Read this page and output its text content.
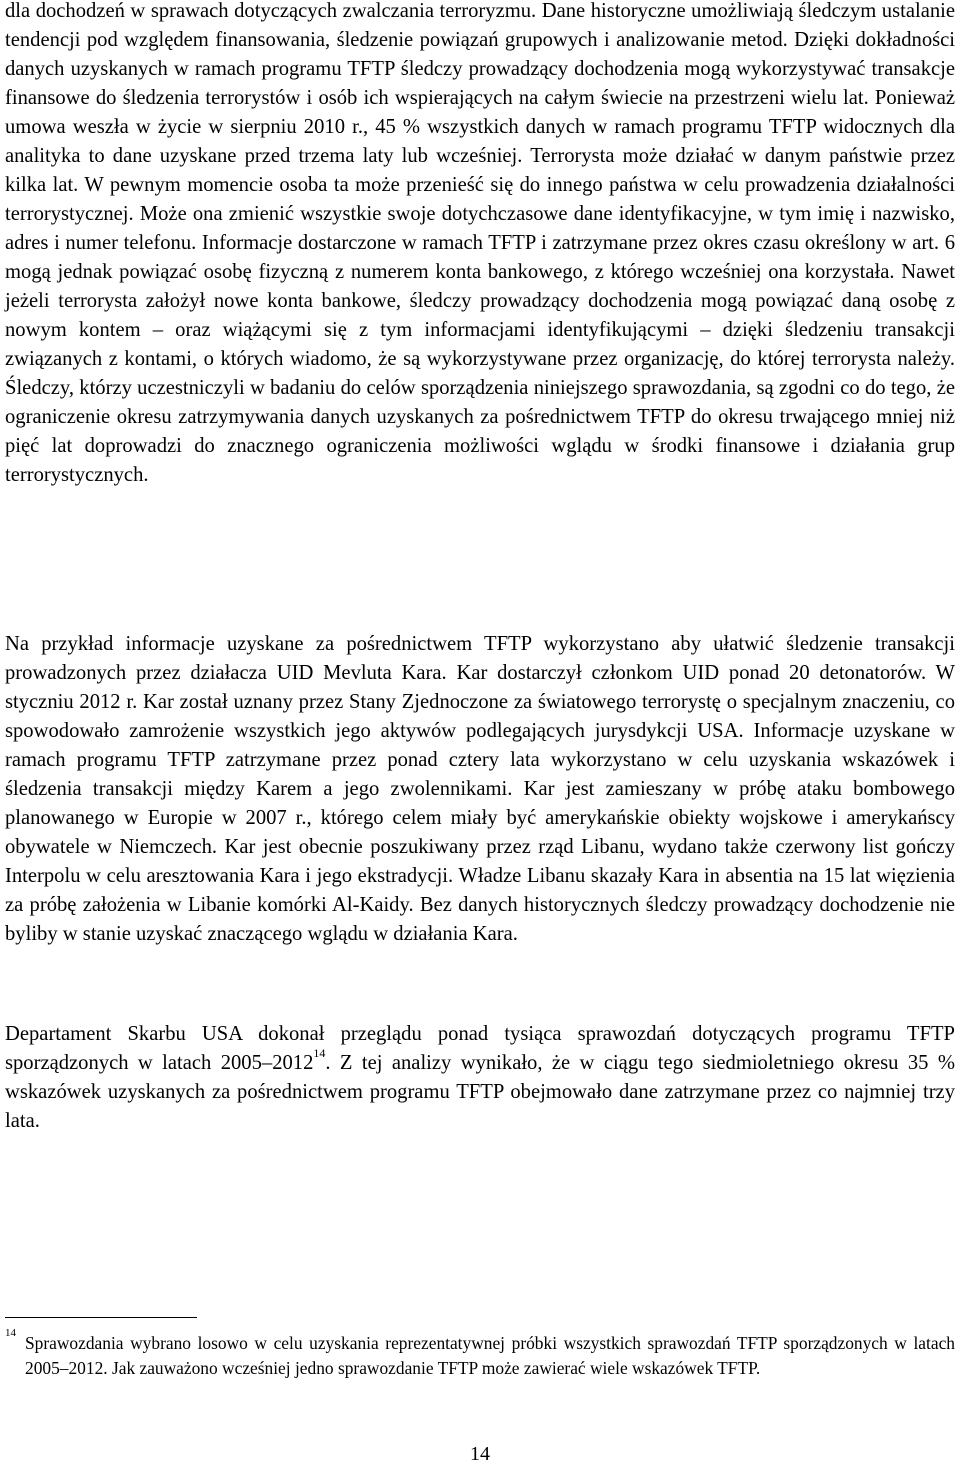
dla dochodzeń w sprawach dotyczących zwalczania terroryzmu. Dane historyczne umożliwiają śledczym ustalanie tendencji pod względem finansowania, śledzenie powiązań grupowych i analizowanie metod. Dzięki dokładności danych uzyskanych w ramach programu TFTP śledczy prowadzący dochodzenia mogą wykorzystywać transakcje finansowe do śledzenia terrorystów i osób ich wspierających na całym świecie na przestrzeni wielu lat. Ponieważ umowa weszła w życie w sierpniu 2010 r., 45 % wszystkich danych w ramach programu TFTP widocznych dla analityka to dane uzyskane przed trzema laty lub wcześniej. Terrorysta może działać w danym państwie przez kilka lat. W pewnym momencie osoba ta może przenieść się do innego państwa w celu prowadzenia działalności terrorystycznej. Może ona zmienić wszystkie swoje dotychczasowe dane identyfikacyjne, w tym imię i nazwisko, adres i numer telefonu. Informacje dostarczone w ramach TFTP i zatrzymane przez okres czasu określony w art. 6 mogą jednak powiązać osobę fizyczną z numerem konta bankowego, z którego wcześniej ona korzystała. Nawet jeżeli terrorysta założył nowe konta bankowe, śledczy prowadzący dochodzenia mogą powiązać daną osobę z nowym kontem – oraz wiążącymi się z tym informacjami identyfikującymi – dzięki śledzeniu transakcji związanych z kontami, o których wiadomo, że są wykorzystywane przez organizację, do której terrorysta należy. Śledczy, którzy uczestniczyli w badaniu do celów sporządzenia niniejszego sprawozdania, są zgodni co do tego, że ograniczenie okresu zatrzymywania danych uzyskanych za pośrednictwem TFTP do okresu trwającego mniej niż pięć lat doprowadzi do znacznego ograniczenia możliwości wglądu w środki finansowe i działania grup terrorystycznych.

Na przykład informacje uzyskane za pośrednictwem TFTP wykorzystano aby ułatwić śledzenie transakcji prowadzonych przez działacza UID Mevluta Kara. Kar dostarczył członkom UID ponad 20 detonatorów. W styczniu 2012 r. Kar został uznany przez Stany Zjednoczone za światowego terrorystę o specjalnym znaczeniu, co spowodowało zamrożenie wszystkich jego aktywów podlegających jurysdykcji USA. Informacje uzyskane w ramach programu TFTP zatrzymane przez ponad cztery lata wykorzystano w celu uzyskania wskazówek i śledzenia transakcji między Karem a jego zwolennikami. Kar jest zamieszany w próbę ataku bombowego planowanego w Europie w 2007 r., którego celem miały być amerykańskie obiekty wojskowe i amerykańscy obywatele w Niemczech. Kar jest obecnie poszukiwany przez rząd Libanu, wydano także czerwony list gończy Interpolu w celu aresztowania Kara i jego ekstradycji. Władze Libanu skazały Kara in absentia na 15 lat więzienia za próbę założenia w Libanie komórki Al-Kaidy. Bez danych historycznych śledczy prowadzący dochodzenie nie byliby w stanie uzyskać znaczącego wglądu w działania Kara.

Departament Skarbu USA dokonał przeglądu ponad tysiąca sprawozdań dotyczących programu TFTP sporządzonych w latach 2005–2012$^{14}$. Z tej analizy wynikało, że w ciągu tego siedmioletniego okresu 35 % wskazówek uzyskanych za pośrednictwem programu TFTP obejmowało dane zatrzymane przez co najmniej trzy lata.

14 Sprawozdania wybrano losowo w celu uzyskania reprezentatywnej próbki wszystkich sprawozdań TFTP sporządzonych w latach 2005–2012. Jak zauważono wcześniej jedno sprawozdanie TFTP może zawierać wiele wskazówek TFTP.
14
